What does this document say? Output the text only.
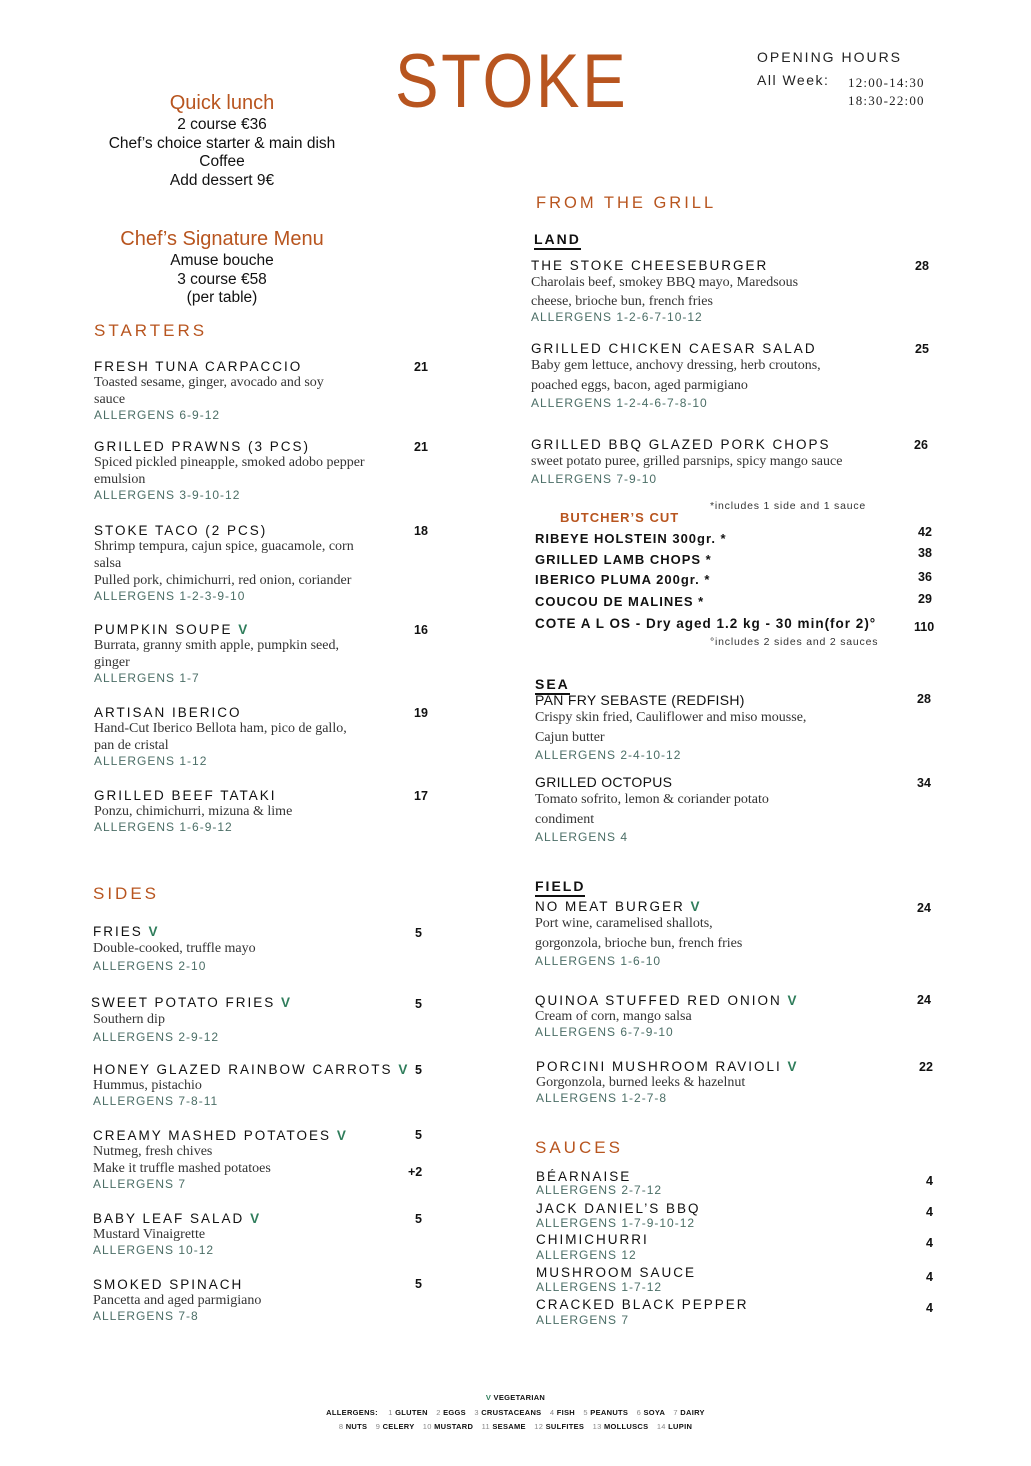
STOKE	OPENING HOURS
All Week: 12:00-14:30
18:30-22:00
Quick lunch
2 course €36
Chef’s choice starter & main dish
Coffee
Add dessert 9€
Chef’s Signature Menu
Amuse bouche
3 course €58
(per table)
STARTERS
FRESH TUNA CARPACCIO	21
Toasted sesame, ginger, avocado and soy
sauce
ALLERGENS 6-9-12
GRILLED PRAWNS (3 PCS)	21
Spiced pickled pineapple, smoked adobo pepper
emulsion
ALLERGENS 3-9-10-12
STOKE TACO (2 PCS)	18
Shrimp tempura, cajun spice, guacamole, corn
salsa
Pulled pork, chimichurri, red onion, coriander
ALLERGENS 1-2-3-9-10
PUMPKIN SOUPE V	16
Burrata, granny smith apple, pumpkin seed,
ginger
ALLERGENS 1-7
ARTISAN IBERICO	19
Hand-Cut Iberico Bellota ham, pico de gallo,
pan de cristal
ALLERGENS 1-12
GRILLED BEEF TATAKI	17
Ponzu, chimichurri, mizuna & lime
ALLERGENS 1-6-9-12
SIDES
FRIES V	5
Double-cooked, truffle mayo
ALLERGENS 2-10
SWEET POTATO FRIES V	5
Southern dip
ALLERGENS 2-9-12
HONEY GLAZED RAINBOW CARROTS V 5
Hummus, pistachio
ALLERGENS 7-8-11
CREAMY MASHED POTATOES V	5
Nutmeg, fresh chives
Make it truffle mashed potatoes	+2
ALLERGENS 7
BABY LEAF SALAD V	5
Mustard Vinaigrette
ALLERGENS 10-12
SMOKED SPINACH	5
Pancetta and aged parmigiano
ALLERGENS 7-8
FROM THE GRILL
LAND
THE STOKE CHEESEBURGER	28
Charolais beef, smokey BBQ mayo, Maredsous
cheese, brioche bun, french fries
ALLERGENS 1-2-6-7-10-12
GRILLED CHICKEN CAESAR SALAD	25
Baby gem lettuce, anchovy dressing, herb croutons,
poached eggs, bacon, aged parmigiano
ALLERGENS 1-2-4-6-7-8-10
GRILLED BBQ GLAZED PORK CHOPS	26
sweet potato puree, grilled parsnips, spicy mango sauce
ALLERGENS 7-9-10
*includes 1 side and 1 sauce
BUTCHER’S CUT
RIBEYE HOLSTEIN 300gr. *	42
GRILLED LAMB CHOPS *	38
IBERICO PLUMA 200gr. *	36
COUCOU DE MALINES *	29
COTE A L OS - Dry aged 1.2 kg - 30 min(for 2)°	110
°includes 2 sides and 2 sauces
SEA
PAN FRY SEBASTE (REDFISH)	28
Crispy skin fried, Cauliflower and miso mousse,
Cajun butter
ALLERGENS 2-4-10-12
GRILLED OCTOPUS	34
Tomato sofrito, lemon & coriander potato
condiment
ALLERGENS 4
FIELD
NO MEAT BURGER V	24
Port wine, caramelised shallots,
gorgonzola, brioche bun, french fries
ALLERGENS 1-6-10
QUINOA STUFFED RED ONION V	24
Cream of corn, mango salsa
ALLERGENS 6-7-9-10
PORCINI MUSHROOM RAVIOLI V	22
Gorgonzola, burned leeks & hazelnut
ALLERGENS 1-2-7-8
SAUCES
BÉARNAISE
ALLERGENS 2-7-12
4
JACK DANIEL’S BBQ
ALLERGENS 1-7-9-10-12
4
CHIMICHURRI
ALLERGENS 12
4
MUSHROOM SAUCE
ALLERGENS 1-7-12
4
CRACKED BLACK PEPPER
ALLERGENS 7
4
V VEGETARIAN
ALLERGENS: 1 GLUTEN 2 EGGS 3 CRUSTACEANS 4 FISH 5 PEANUTS 6 SOYA 7 DAIRY
8 NUTS 9 CELERY 10 MUSTARD 11 SESAME 12 SULFITES 13 MOLLUSCS 14 LUPIN
